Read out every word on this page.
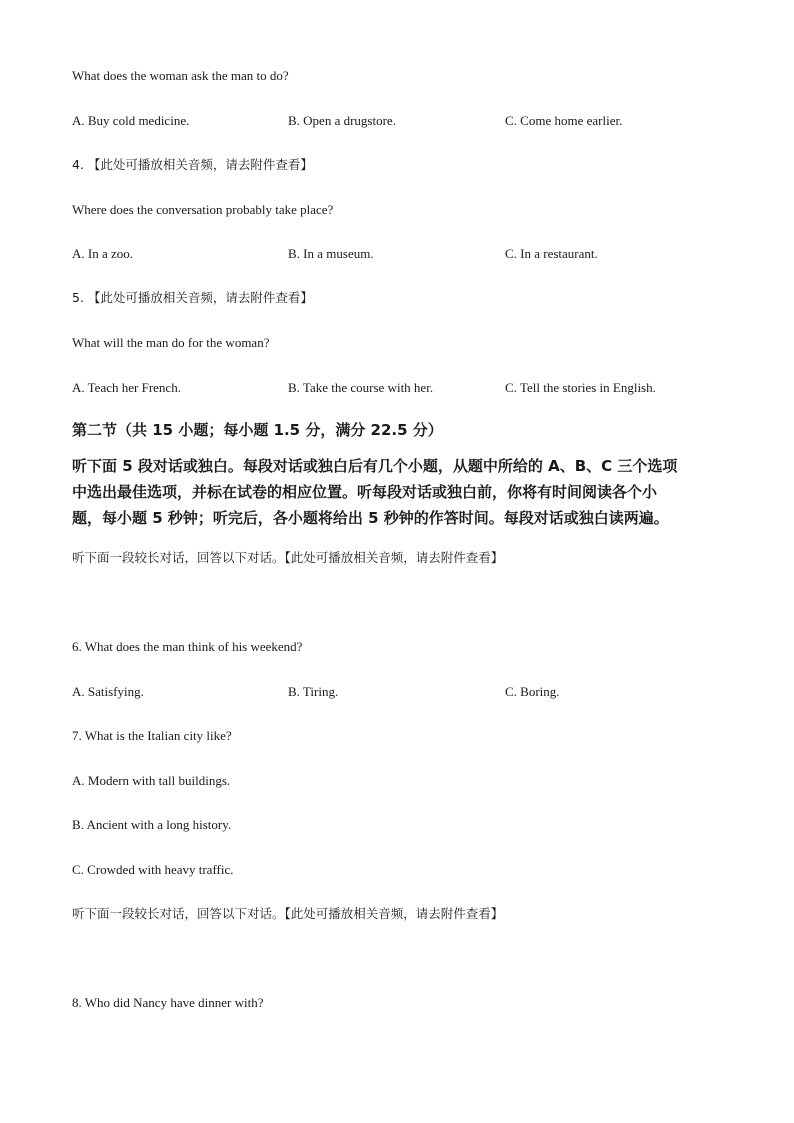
What does the woman ask the man to do?
A. Buy cold medicine.	B. Open a drugstore.	C. Come home earlier.
4. 【此处可播放相关音频，请去附件查看】
Where does the conversation probably take place?
A. In a zoo.	B. In a museum.	C. In a restaurant.
5. 【此处可播放相关音频，请去附件查看】
What will the man do for the woman?
A. Teach her French.	B. Take the course with her.	C. Tell the stories in English.
第二节（共 15 小题；每小题 1.5 分，满分 22.5 分）
听下面 5 段对话或独白。每段对话或独白后有几个小题，从题中所给的 A、B、C 三个选项
中选出最佳选项，并标在试卷的相应位置。听每段对话或独白前，你将有时间阅读各个小
题，每小题 5 秒钟；听完后，各小题将给出 5 秒钟的作答时间。每段对话或独白读两遍。
听下面一段较长对话，回答以下对话。【此处可播放相关音频，请去附件查看】
6. What does the man think of his weekend?
A. Satisfying.	B. Tiring.	C. Boring.
7. What is the Italian city like?
A. Modern with tall buildings.
B. Ancient with a long history.
C. Crowded with heavy traffic.
听下面一段较长对话，回答以下对话。【此处可播放相关音频，请去附件查看】
8. Who did Nancy have dinner with?
